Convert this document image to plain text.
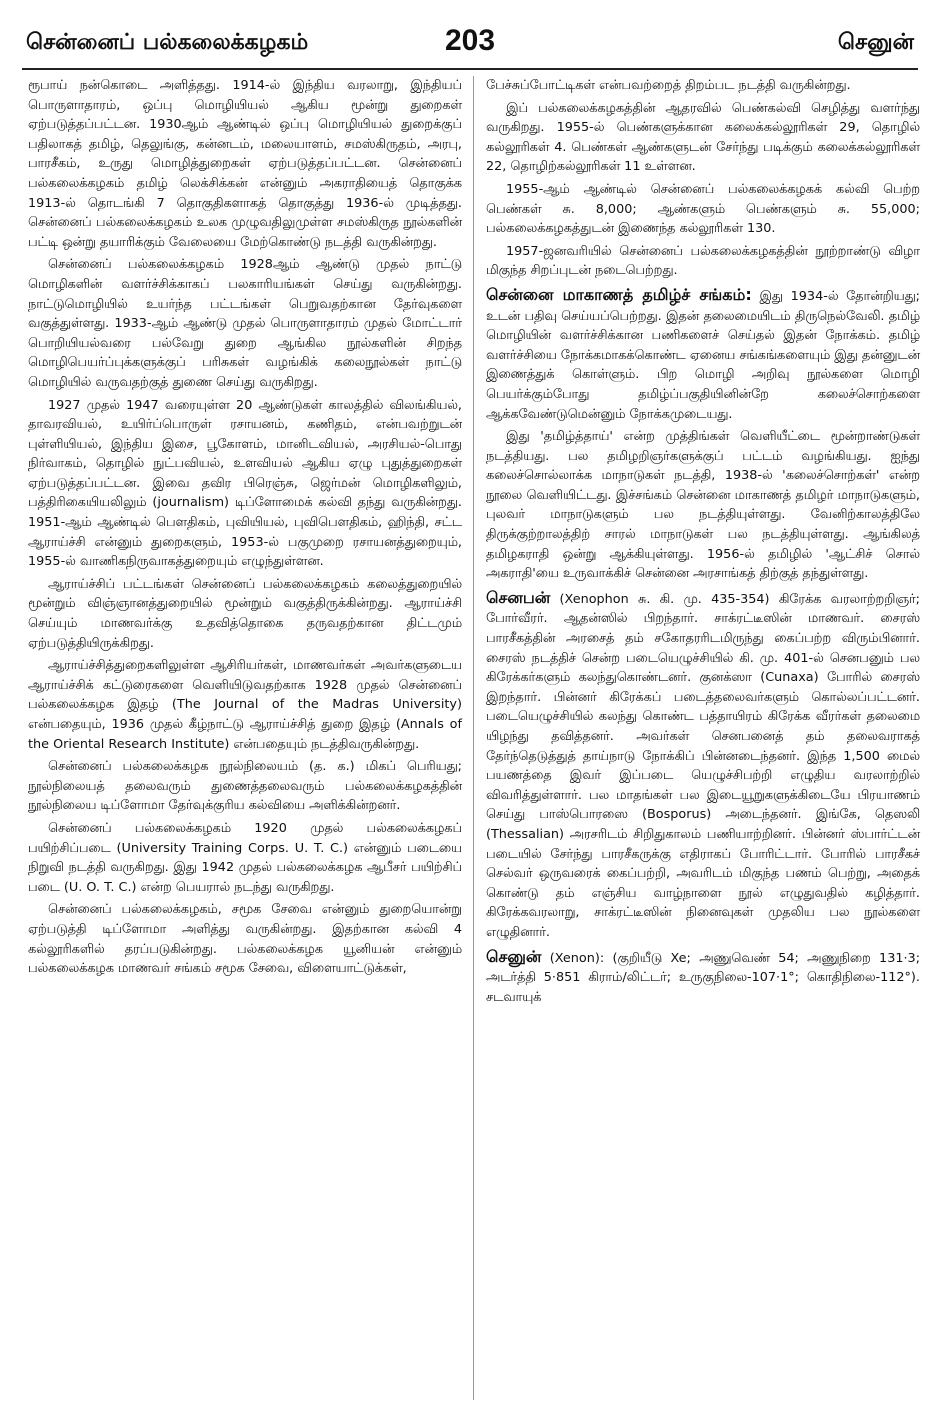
சென்னைப் பல்கலைக்கழகம்	203	செனுன்

ரூபாய் நன்கொடை அளித்தது. 1914-ல் இந்திய வரலாறு, இந்தியப் பொருளாதாரம், ஒப்பு மொழியியல் ஆகிய மூன்று துறைகள் ஏற்படுத்தப்பட்டன. 1930ஆம் ஆண்டில் ஒப்பு மொழியியல் துறைக்குப் பதிலாகத் தமிழ், தெலுங்கு, கன்னடம், மலையாளம், சமஸ்கிருதம், அரபு, பாரசீகம், உருது மொழித்துறைகள் ஏற்படுத்தப்பட்டன. சென்னைப் பல்கலைக்கழகம் தமிழ் லெக்சிக்கன் என்னும் அகராதியைத் தொகுக்க 1913-ல் தொடங்கி 7 தொகுதிகளாகத் தொகுத்து 1936-ல் முடித்தது. சென்னைப் பல்கலைக்கழகம் உலக முழுவதிலுமுள்ள சமஸ்கிருத நூல்களின் பட்டி ஒன்று தயாரிக்கும் வேலையை மேற்கொண்டு நடத்தி வருகின்றது.

சென்னைப் பல்கலைக்கழகம் 1928ஆம் ஆண்டு முதல் நாட்டு மொழிகளின் வளர்ச்சிக்காகப் பலகாரியங்கள் செய்து வருகின்றது. நாட்டுமொழியில் உயர்ந்த பட்டங்கள் பெறுவதற்கான தேர்வுகளை வகுத்துள்ளது. 1933-ஆம் ஆண்டு முதல் பொருளாதாரம் முதல் மோட்டார் பொறியியல்வரை பல்வேறு துறை ஆங்கில நூல்களின் சிறந்த மொழிபெயர்ப்புக்களுக்குப் பரிசுகள் வழங்கிக் கலைநூல்கள் நாட்டு மொழியில் வருவதற்குத் துணை செய்து வருகிறது.

1927 முதல் 1947 வரையுள்ள 20 ஆண்டுகள் காலத்தில் விலங்கியல், தாவரவியல், உயிர்ப்பொருள் ரசாயனம், கணிதம், என்பவற்றுடன் புள்ளியியல், இந்திய இசை, பூகோளம், மானிடவியல், அரசியல்-பொது நிர்வாகம், தொழில் நுட்பவியல், உளவியல் ஆகிய ஏழு புதுத்துறைகள் ஏற்படுத்தப்பட்டன. இவை தவிர பிரெஞ்சு, ஜெர்மன் மொழிகளிலும், பத்திரிகையியலிலும் (journalism) டிப்ளோமைக் கல்வி தந்து வருகின்றது. 1951-ஆம் ஆண்டில் பௌதிகம், புவியியல், புவிபௌதிகம், ஹிந்தி, சட்ட ஆராய்ச்சி என்னும் துறைகளும், 1953-ல் பகுமுறை ரசாயனத்துறையும், 1955-ல் வாணிகநிருவாகத்துறையும் எழுந்துள்ளன.

ஆராய்ச்சிப் பட்டங்கள் சென்னைப் பல்கலைக்கழகம் கலைத்துறையில் மூன்றும் விஞ்ஞானத்துறையில் மூன்றும் வகுத்திருக்கின்றது. ஆராய்ச்சி செய்யும் மாணவர்க்கு உதவித்தொகை தருவதற்கான திட்டமும் ஏற்படுத்தியிருக்கிறது.

ஆராய்ச்சித்துறைகளிலுள்ள ஆசிரியர்கள், மாணவர்கள் அவர்களுடைய ஆராய்ச்சிக் கட்டுரைகளை வெளியிடுவதற்காக 1928 முதல் சென்னைப் பல்கலைக்கழக இதழ் (The Journal of the Madras University) என்பதையும், 1936 முதல் கீழ்நாட்டு ஆராய்ச்சித் துறை இதழ் (Annals of the Oriental Research Institute) என்பதையும் நடத்திவருகின்றது.

சென்னைப் பல்கலைக்கழக நூல்நிலையம் (த. க.) மிகப் பெரியது; நூல்நிலையத் தலைவரும் துணைத்தலைவரும் பல்கலைக்கழகத்தின் நூல்நிலைய டிப்ளோமா தேர்வுக்குரிய கல்வியை அளிக்கின்றனர்.

சென்னைப் பல்கலைக்கழகம் 1920 முதல் பல்கலைக்கழகப் பயிற்சிப்படை (University Training Corps. U. T. C.) என்னும் படையை நிறுவி நடத்தி வருகிறது. இது 1942 முதல் பல்கலைக்கழக ஆபீசர் பயிற்சிப் படை (U. O. T. C.) என்ற பெயரால் நடந்து வருகிறது.

சென்னைப் பல்கலைக்கழகம், சமூக சேவை என்னும் துறையொன்று ஏற்படுத்தி டிப்ளோமா அளித்து வருகின்றது. இதற்கான கல்வி 4 கல்லூரிகளில் தரப்படுகின்றது. பல்கலைக்கழக யூனியன் என்னும் பல்கலைக்கழக மாணவர் சங்கம் சமூக சேவை, விளையாட்டுக்கள்,

பேச்சுப்போட்டிகள் என்பவற்றைத் திறம்பட நடத்தி வருகின்றது.

இப் பல்கலைக்கழகத்தின் ஆதரவில் பெண்கல்வி செழித்து வளர்ந்து வருகிறது. 1955-ல் பெண்களுக்கான கலைக்கல்லூரிகள் 29, தொழில் கல்லூரிகள் 4. பெண்கள் ஆண்களுடன் சேர்ந்து படிக்கும் கலைக்கல்லூரிகள் 22, தொழிற்கல்லூரிகள் 11 உள்ளன.

1955-ஆம் ஆண்டில் சென்னைப் பல்கலைக்கழகக் கல்வி பெற்ற பெண்கள் சு. 8,000; ஆண்களும் பெண்களும் சு. 55,000; பல்கலைக்கழகத்துடன் இணைந்த கல்லூரிகள் 130.

1957-ஜனவரியில் சென்னைப் பல்கலைக்கழகத்தின் நூற்றாண்டு விழா மிகுந்த சிறப்புடன் நடைபெற்றது.

சென்னை மாகாணத் தமிழ்ச் சங்கம்: இது 1934-ல் தோன்றியது; உடன் பதிவு செய்யப்பெற்றது. இதன் தலைமையிடம் திருநெல்வேலி. தமிழ் மொழியின் வளர்ச்சிக்கான பணிகளைச் செய்தல் இதன் நோக்கம். தமிழ் வளர்ச்சியை நோக்கமாகக்கொண்ட ஏனைய சங்கங்களையும் இது தன்னுடன் இணைத்துக் கொள்ளும். பிற மொழி அறிவு நூல்களை மொழி பெயர்க்கும்போது தமிழ்ப்பகுதியினின்றே கலைச்சொற்களை ஆக்கவேண்டுமென்னும் நோக்கமுடையது.

இது 'தமிழ்த்தாய்' என்ற முத்திங்கள் வெளியீட்டை மூன்றாண்டுகள் நடத்தியது. பல தமிழறிஞர்களுக்குப் பட்டம் வழங்கியது. ஐந்து கலைச்சொல்லாக்க மாநாடுகள் நடத்தி, 1938-ல் 'கலைச்சொற்கள்' என்ற நூலை வெளியிட்டது. இச்சங்கம் சென்னை மாகாணத் தமிழர் மாநாடுகளும், புலவர் மாநாடுகளும் பல நடத்தியுள்ளது. வேனிற்காலத்திலே திருக்குற்றாலத்திற் சாரல் மாநாடுகள் பல நடத்தியுள்ளது. ஆங்கிலத் தமிழகராதி ஒன்று ஆக்கியுள்ளது. 1956-ல் தமிழில் 'ஆட்சிச் சொல் அகராதி'யை உருவாக்கிச் சென்னை அரசாங்கத் திற்குத் தந்துள்ளது.

செனபன் (Xenophon சு. கி. மு. 435-354) கிரேக்க வரலாற்றறிஞர்; போர்வீரர். ஆதன்ஸில் பிறந்தார். சாக்ரட்டீஸின் மாணவர். சைரஸ் பாரசீகத்தின் அரசைத் தம் சகோதரரிடமிருந்து கைப்பற்ற விரும்பினார். சைரஸ் நடத்திச் சென்ற படையெழுச்சியில் கி. மு. 401-ல் செனபனும் பல கிரேக்கர்களும் கலந்துகொண்டனர். குனக்ஸா (Cunaxa) போரில் சைரஸ் இறந்தார். பின்னர் கிரேக்கப் படைத்தலைவர்களும் கொல்லப்பட்டனர். படையெழுச்சியில் கலந்து கொண்ட பத்தாயிரம் கிரேக்க வீரர்கள் தலைமை யிழந்து தவித்தனர். அவர்கள் செனபனைத் தம் தலைவராகத் தேர்ந்தெடுத்துத் தாய்நாடு நோக்கிப் பின்னடைந்தனர். இந்த 1,500 மைல் பயணத்தை இவர் இப்படை யெழுச்சிபற்றி எழுதிய வரலாற்றில் விவரித்துள்ளார். பல மாதங்கள் பல இடையூறுகளுக்கிடையே பிரயாணம் செய்து பாஸ்பொரஸை (Bosporus) அடைந்தனர். இங்கே, தெஸலி (Thessalian) அரசரிடம் சிறிதுகாலம் பணியாற்றினர். பின்னர் ஸ்பார்ட்டன் படையில் சேர்ந்து பாரசீகருக்கு எதிராகப் போரிட்டார். போரில் பாரசீகச் செல்வர் ஒருவரைக் கைப்பற்றி, அவரிடம் மிகுந்த பணம் பெற்று, அதைக் கொண்டு தம் எஞ்சிய வாழ்நாளை நூல் எழுதுவதில் கழித்தார். கிரேக்கவரலாறு, சாக்ரட்டீஸின் நினைவுகள் முதலிய பல நூல்களை எழுதினார்.

செனுன் (Xenon): (குறியீடு Xe; அணுவெண் 54; அணுநிறை 131·3; அடர்த்தி 5·851 கிராம்/லிட்டர்; உருகுநிலை-107·1°; கொதிநிலை-112°). சடவாயுக்
